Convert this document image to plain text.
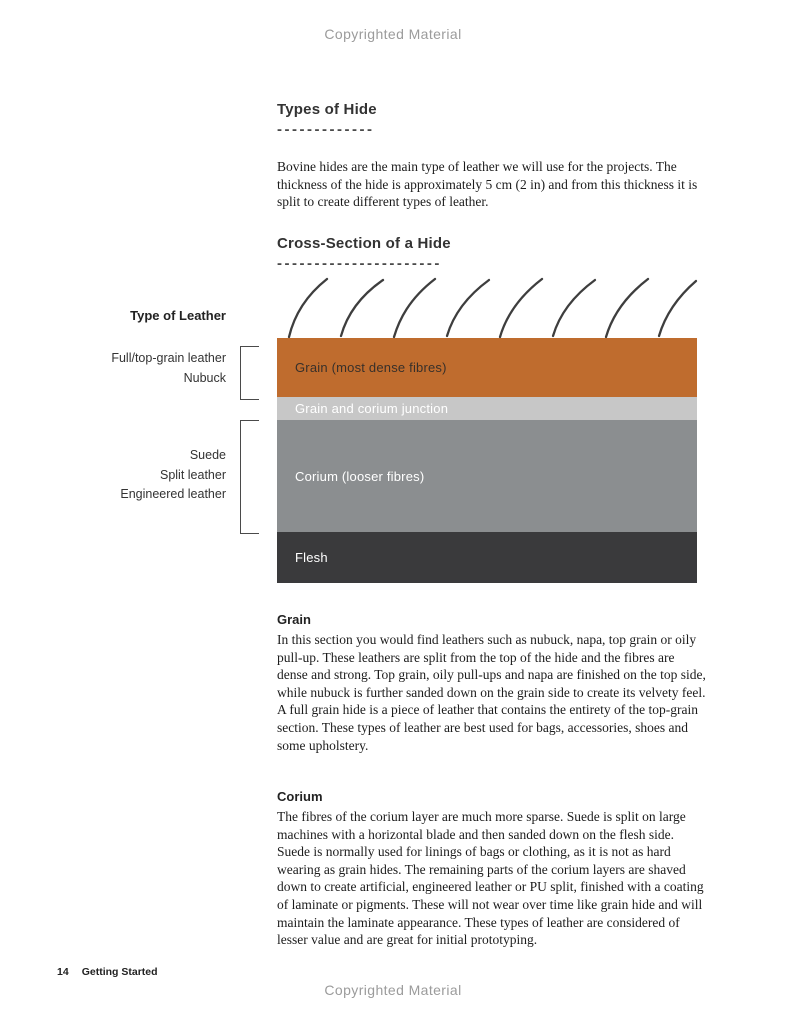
Copyrighted Material
Types of Hide
-------------
Bovine hides are the main type of leather we will use for the projects. The thickness of the hide is approximately 5 cm (2 in) and from this thickness it is split to create different types of leather.
Cross-Section of a Hide
----------------------
Grain (most dense fibres)
Grain and corium junction
Corium (looser fibres)
Flesh
Type of Leather
Full/top-grain leather
Nubuck
Suede
Split leather
Engineered leather
Grain
In this section you would find leathers such as nubuck, napa, top grain or oily pull-up. These leathers are split from the top of the hide and the fibres are dense and strong. Top grain, oily pull-ups and napa are finished on the top side, while nubuck is further sanded down on the grain side to create its velvety feel. A full grain hide is a piece of leather that contains the entirety of the top-grain section. These types of leather are best used for bags, accessories, shoes and some upholstery.
Corium
The fibres of the corium layer are much more sparse. Suede is split on large machines with a horizontal blade and then sanded down on the flesh side. Suede is normally used for linings of bags or clothing, as it is not as hard wearing as grain hides. The remaining parts of the corium layers are shaved down to create artificial, engineered leather or PU split, finished with a coating of laminate or pigments. These will not wear over time like grain hide and will maintain the laminate appearance. These types of leather are considered of lesser value and are great for initial prototyping.
14 Getting Started
Copyrighted Material
